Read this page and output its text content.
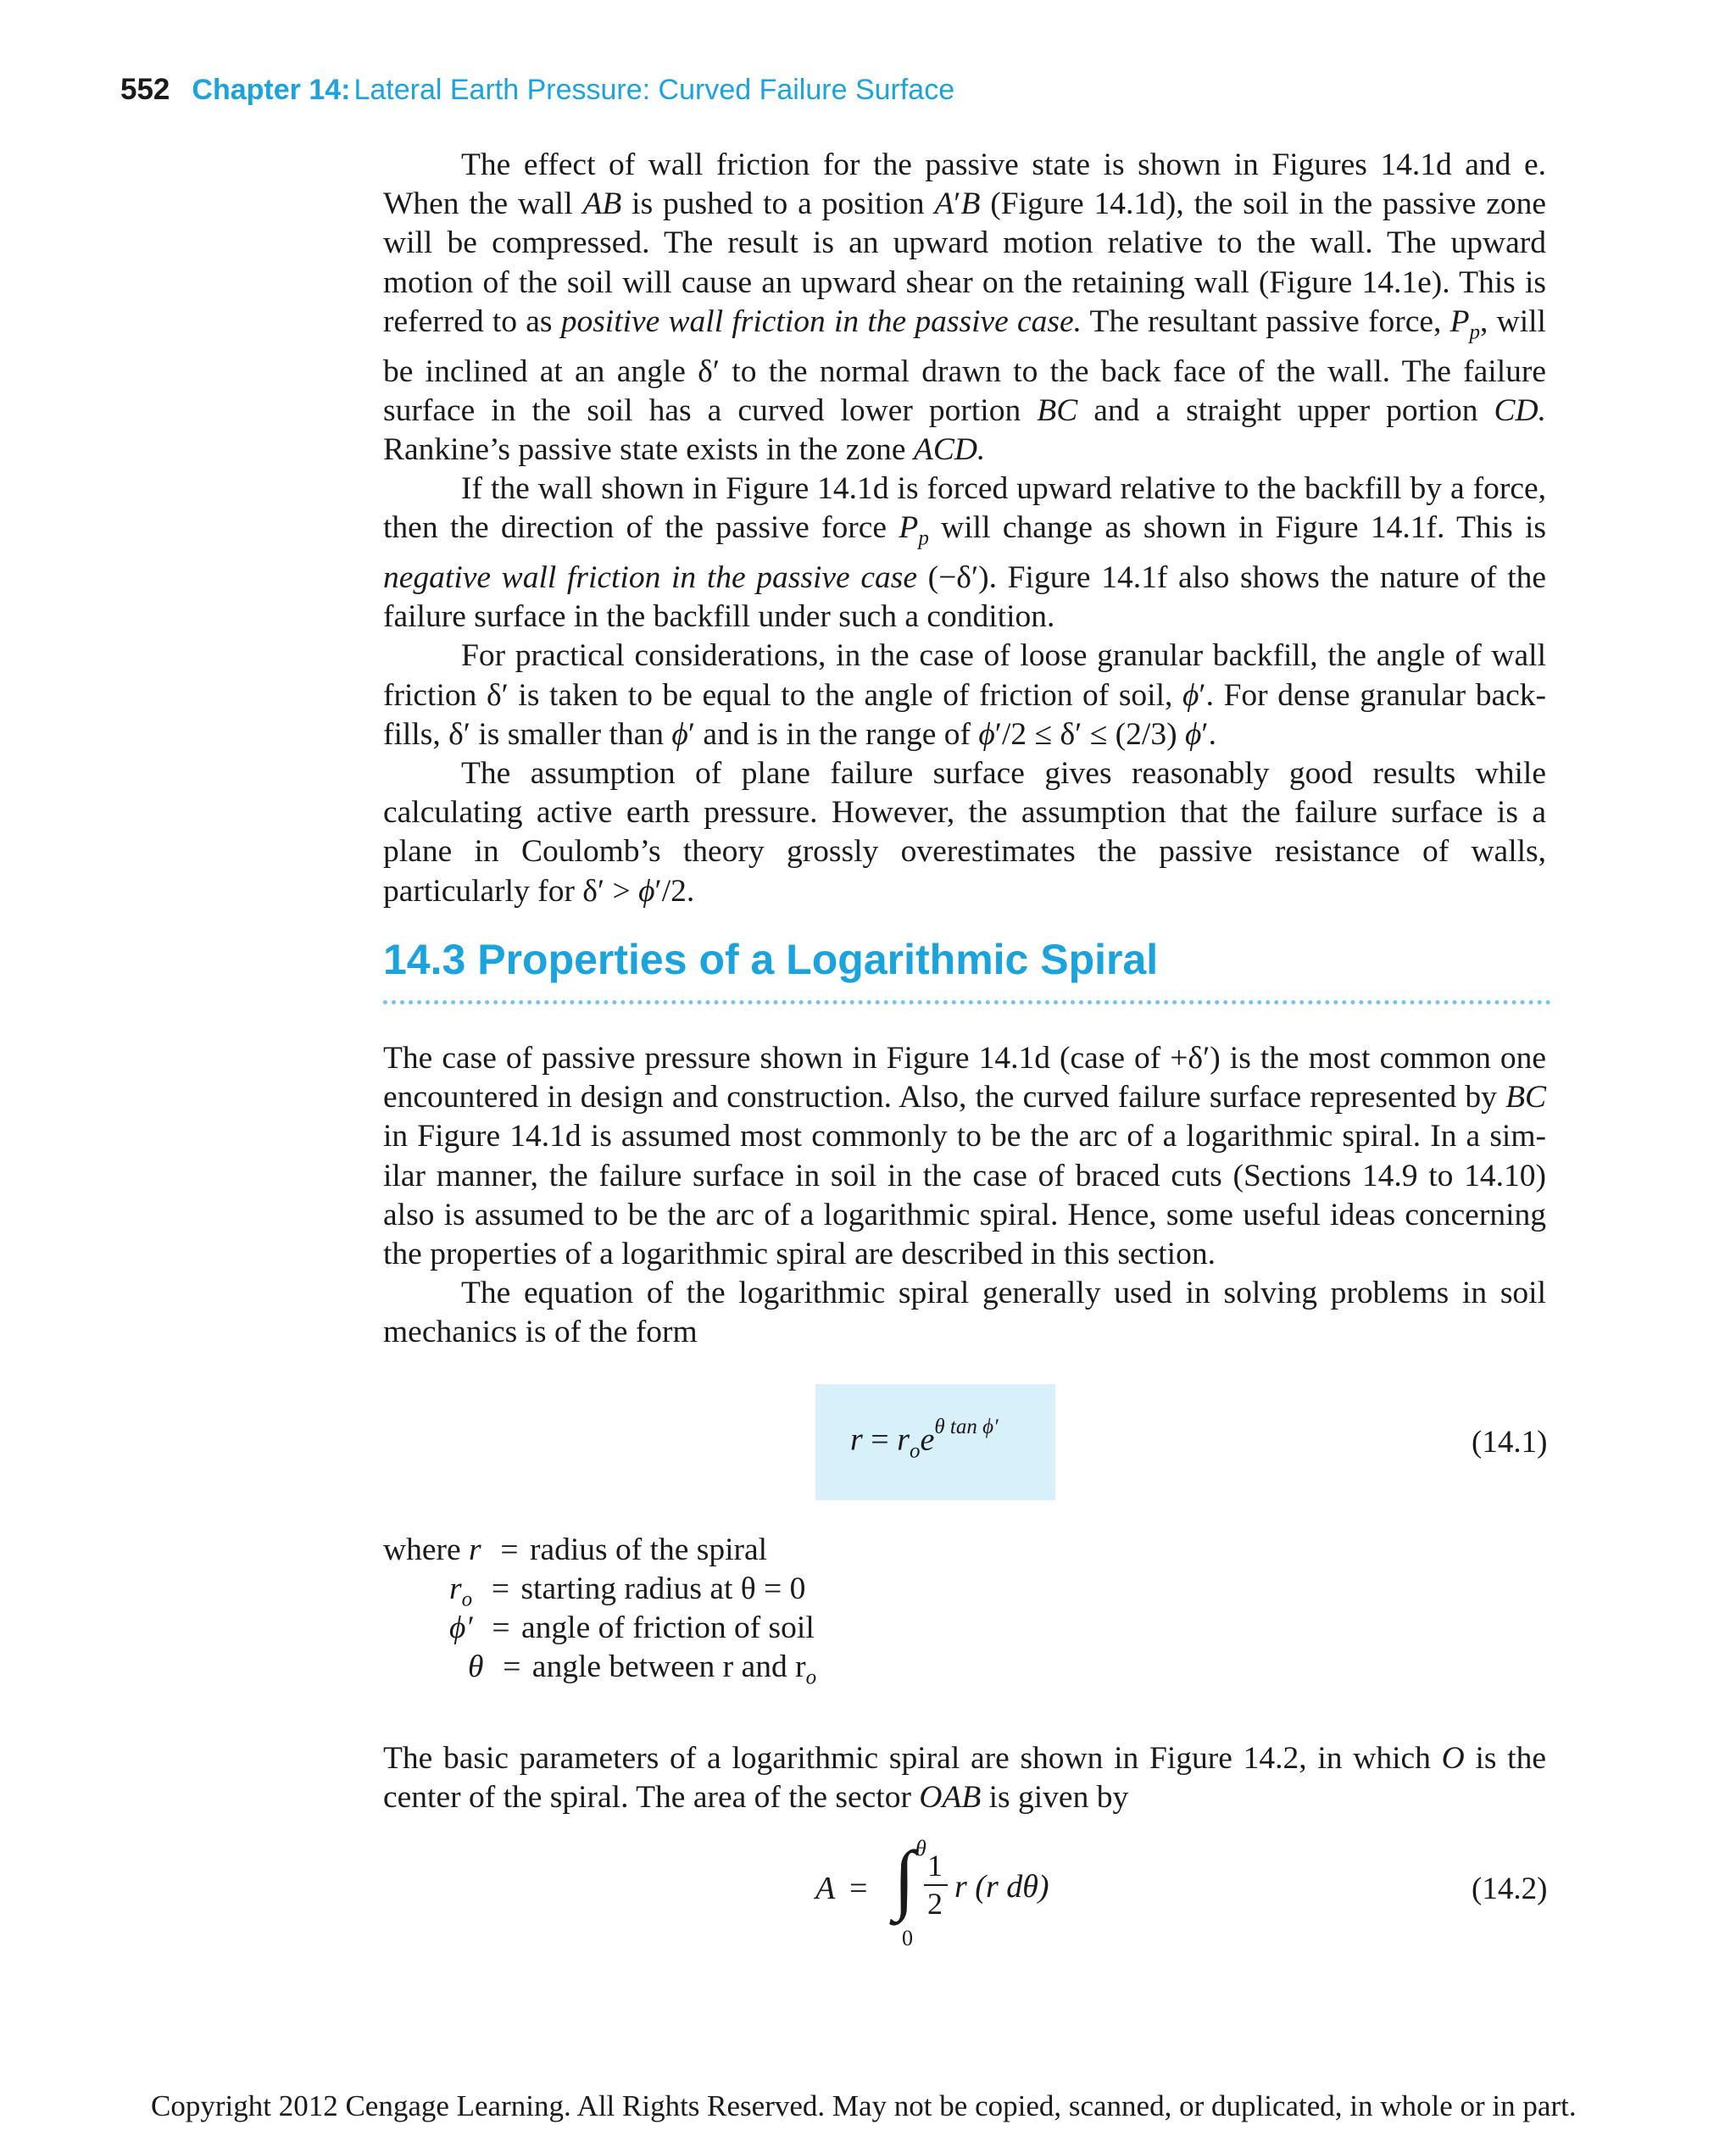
552 Chapter 14: Lateral Earth Pressure: Curved Failure Surface

The effect of wall friction for the passive state is shown in Figures 14.1d and e. When the wall AB is pushed to a position A′B (Figure 14.1d), the soil in the passive zone will be compressed. The result is an upward motion relative to the wall. The upward motion of the soil will cause an upward shear on the retaining wall (Figure 14.1e). This is referred to as positive wall friction in the passive case. The resultant passive force, $P_p$, will be inclined at an angle δ′ to the normal drawn to the back face of the wall. The failure surface in the soil has a curved lower portion BC and a straight upper portion CD. Rankine’s passive state exists in the zone ACD.

If the wall shown in Figure 14.1d is forced upward relative to the backfill by a force, then the direction of the passive force $P_p$ will change as shown in Figure 14.1f. This is negative wall friction in the passive case (−δ′). Figure 14.1f also shows the nature of the failure surface in the backfill under such a condition.

For practical considerations, in the case of loose granular backfill, the angle of wall friction δ′ is taken to be equal to the angle of friction of soil, ϕ′. For dense granular back-fills, δ′ is smaller than ϕ′ and is in the range of ϕ′/2 ≤ δ′ ≤ (2/3) ϕ′.

The assumption of plane failure surface gives reasonably good results while calculating active earth pressure. However, the assumption that the failure surface is a plane in Coulomb’s theory grossly overestimates the passive resistance of walls, particularly for δ′ > ϕ′/2.

14.3 Properties of a Logarithmic Spiral

The case of passive pressure shown in Figure 14.1d (case of +δ′) is the most common one encountered in design and construction. Also, the curved failure surface represented by BC in Figure 14.1d is assumed most commonly to be the arc of a logarithmic spiral. In a sim-ilar manner, the failure surface in soil in the case of braced cuts (Sections 14.9 to 14.10) also is assumed to be the arc of a logarithmic spiral. Hence, some useful ideas concerning the properties of a logarithmic spiral are described in this section.

The equation of the logarithmic spiral generally used in solving problems in soil mechanics is of the form

$r = r_oe^{\theta tan \phi'}$	(14.1)
where r = radius of the spiral
$r_o$ = starting radius at θ = 0
ϕ′ = angle of friction of soil
θ = angle between r and $r_o$

The basic parameters of a logarithmic spiral are shown in Figure 14.2, in which O is the center of the spiral. The area of the sector OAB is given by

A = ∫ θ
0
1
2 r (r dθ)	(14.2)
Copyright 2012 Cengage Learning. All Rights Reserved. May not be copied, scanned, or duplicated, in whole or in part.
